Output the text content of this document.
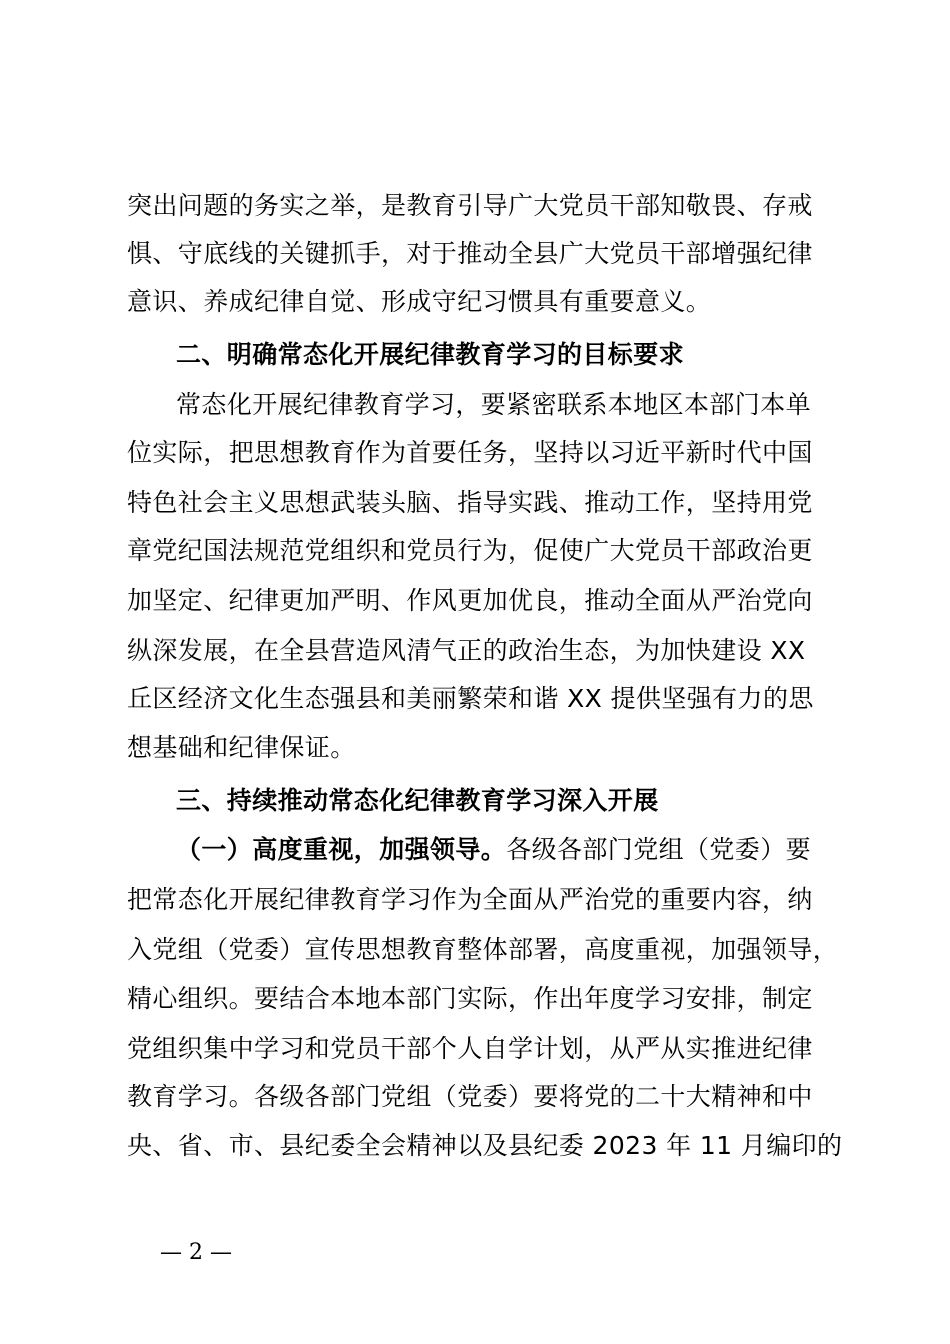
突出问题的务实之举，是教育引导广大党员干部知敬畏、存戒
惧、守底线的关键抓手，对于推动全县广大党员干部增强纪律
意识、养成纪律自觉、形成守纪习惯具有重要意义。
二、明确常态化开展纪律教育学习的目标要求
常态化开展纪律教育学习，要紧密联系本地区本部门本单
位实际，把思想教育作为首要任务，坚持以习近平新时代中国
特色社会主义思想武装头脑、指导实践、推动工作，坚持用党
章党纪国法规范党组织和党员行为，促使广大党员干部政治更
加坚定、纪律更加严明、作风更加优良，推动全面从严治党向
纵深发展，在全县营造风清气正的政治生态，为加快建设 XX
丘区经济文化生态强县和美丽繁荣和谐 XX 提供坚强有力的思
想基础和纪律保证。
三、持续推动常态化纪律教育学习深入开展
（一）高度重视，加强领导。各级各部门党组（党委）要
把常态化开展纪律教育学习作为全面从严治党的重要内容，纳
入党组（党委）宣传思想教育整体部署，高度重视，加强领导，
精心组织。要结合本地本部门实际，作出年度学习安排，制定
党组织集中学习和党员干部个人自学计划，从严从实推进纪律
教育学习。各级各部门党组（党委）要将党的二十大精神和中
央、省、市、县纪委全会精神以及县纪委 2023 年 11 月编印的
— 2 —
